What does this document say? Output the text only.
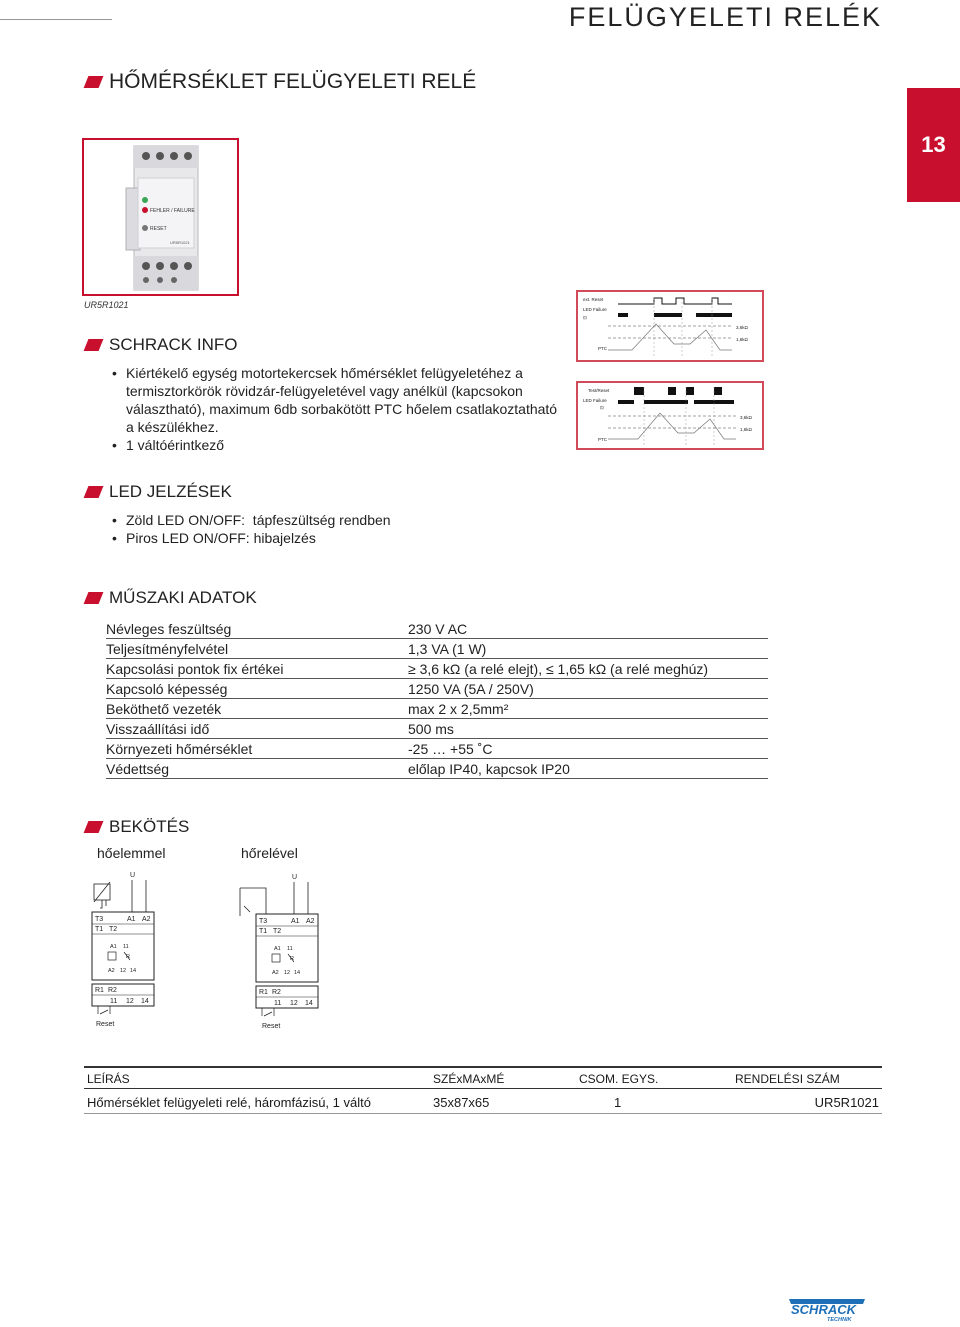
FELÜGYELETI RELÉK
13
HŐMÉRSÉKLET FELÜGYELETI RELÉ
FEHLER / FAILURE
RESET
UR5R1021
UR5R1021
SCHRACK INFO
• Kiértékelő egység motortekercsek hőmérséklet felügyeletéhez a termisztorkörök rövidzár-felügyeletével vagy anélkül (kapcsokon választható), maximum 6db sorbakötött PTC hőelem csatlakoztatható a készülékhez.
• 1 váltóérintkező
ext. Reset
LED Failure
⊡
PTC
3,6kΩ
1,6kΩ
Test/Reset
LED Failure
⊡
PTC
3,6kΩ
1,6kΩ
LED JELZÉSEK
• Zöld LED ON/OFF:  tápfeszültség rendben
• Piros LED ON/OFF: hibajelzés
MŰSZAKI ADATOK
Névleges feszültség	230 V AC
Teljesítményfelvétel	1,3 VA (1 W)
Kapcsolási pontok fix értékei	≥ 3,6 kΩ (a relé elejt), ≤ 1,65 kΩ (a relé meghúz)
Kapcsoló képesség	1250 VA (5A / 250V)
Beköthető vezeték	max 2 x 2,5mm²
Visszaállítási idő	500 ms
Környezeti hőmérséklet	-25 … +55 ˚C
Védettség	előlap IP40, kapcsok IP20
BEKÖTÉS
hőelemmel	hőrelével
U
T3	A1 A2
T1 T2
A1 11
R
A2 12 14
R1 R2
11 12 14
Reset
U
T3	A1 A2
T1 T2
A1 11
R
A2 12 14
R1 R2
11 12 14
Reset
LEÍRÁS	SZÉxMAxMÉ	CSOM. EGYS.	RENDELÉSI SZÁM
Hőmérséklet felügyeleti relé, háromfázisú, 1 váltó	35x87x65	1	UR5R1021
SCHRACK
TECHNIK
